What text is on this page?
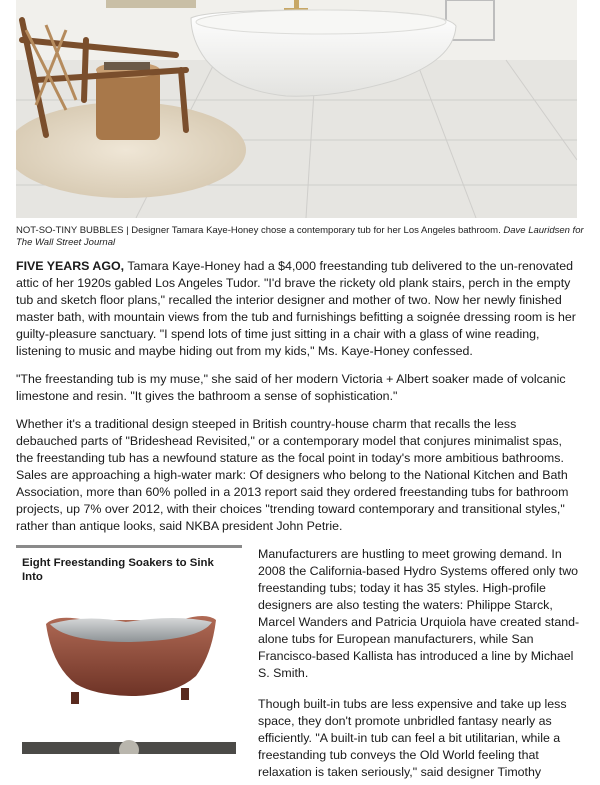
NOT-SO-TINY BUBBLES | Designer Tamara Kaye-Honey chose a contemporary tub for her Los Angeles bathroom. Dave Lauridsen for The Wall Street Journal

FIVE YEARS AGO, Tamara Kaye-Honey had a $4,000 freestanding tub delivered to the un-renovated attic of her 1920s gabled Los Angeles Tudor. "I'd brave the rickety old plank stairs, perch in the empty tub and sketch floor plans," recalled the interior designer and mother of two. Now her newly finished master bath, with mountain views from the tub and furnishings befitting a soignée dressing room is her guilty-pleasure sanctuary. "I spend lots of time just sitting in a chair with a glass of wine reading, listening to music and maybe hiding out from my kids," Ms. Kaye-Honey confessed.

"The freestanding tub is my muse," she said of her modern Victoria + Albert soaker made of volcanic limestone and resin. "It gives the bathroom a sense of sophistication."

Whether it's a traditional design steeped in British country-house charm that recalls the less debauched parts of "Brideshead Revisited," or a contemporary model that conjures minimalist spas, the freestanding tub has a newfound stature as the focal point in today's more ambitious bathrooms. Sales are approaching a high-water mark: Of designers who belong to the National Kitchen and Bath Association, more than 60% polled in a 2013 report said they ordered freestanding tubs for bathroom projects, up 7% over 2012, with their choices "trending toward contemporary and transitional styles," rather than antique looks, said NKBA president John Petrie.

Eight Freestanding Soakers to Sink Into

Manufacturers are hustling to meet growing demand. In 2008 the California-based Hydro Systems offered only two freestanding tubs; today it has 35 styles. High-profile designers are also testing the waters: Philippe Starck, Marcel Wanders and Patricia Urquiola have created stand-alone tubs for European manufacturers, while San Francisco-based Kallista has introduced a line by Michael S. Smith.

Though built-in tubs are less expensive and take up less space, they don't promote unbridled fantasy nearly as efficiently. "A built-in tub can feel a bit utilitarian, while a freestanding tub conveys the Old World feeling that relaxation is taken seriously," said designer Timothy
